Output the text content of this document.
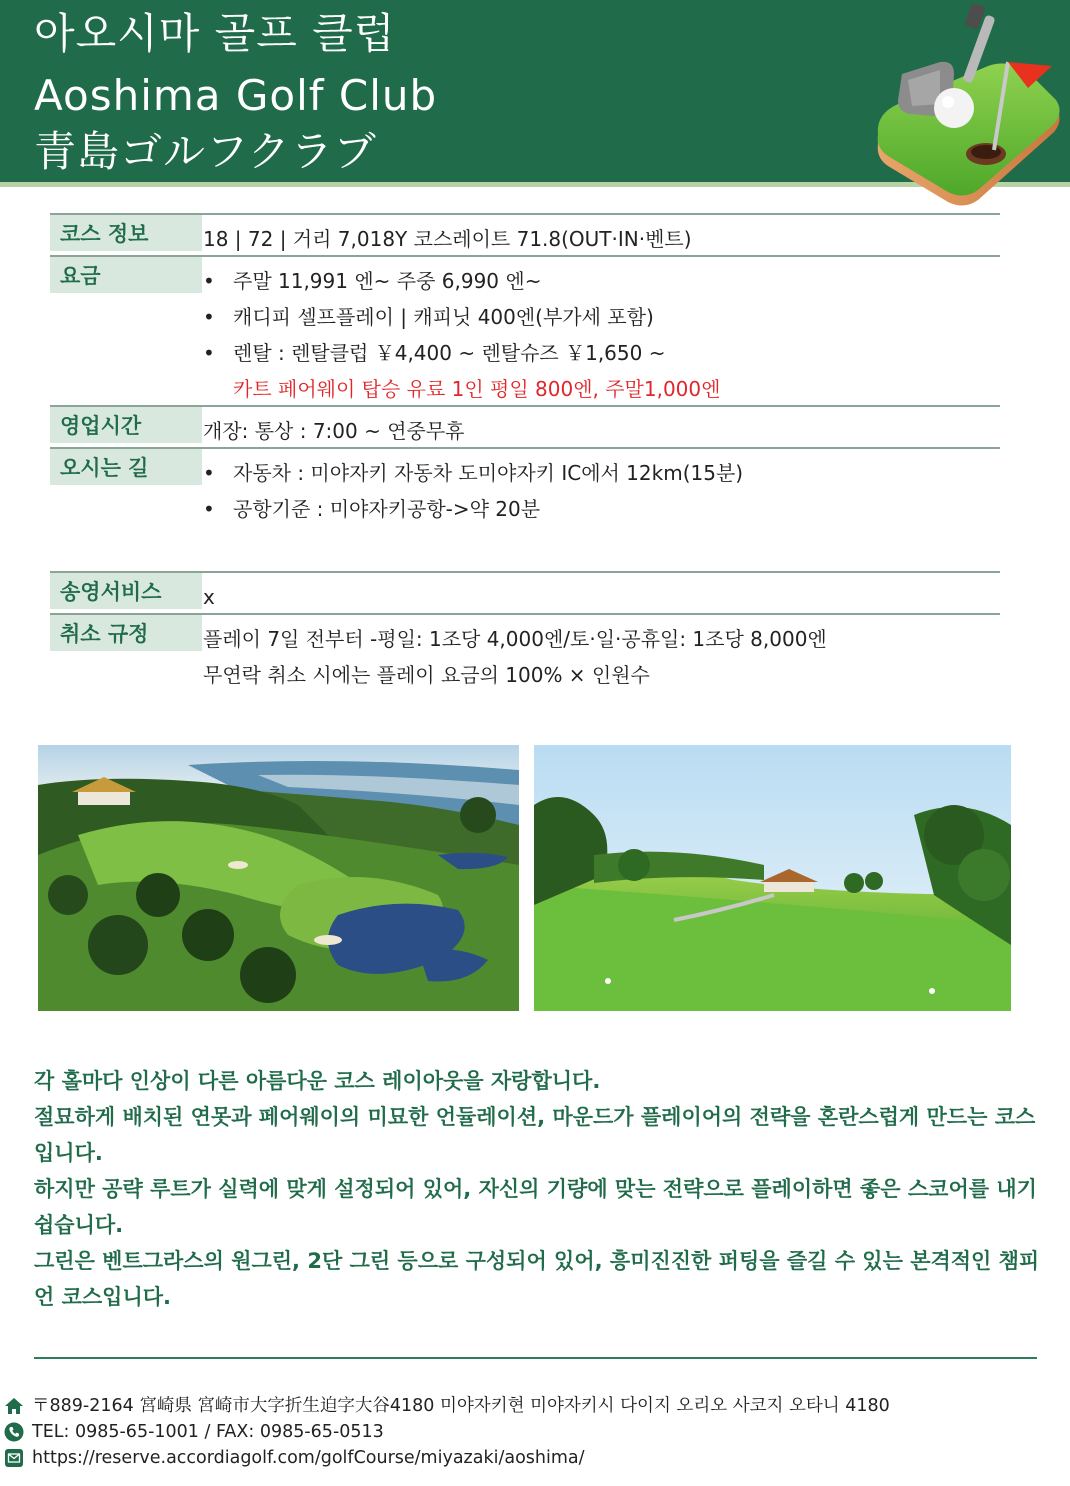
아오시마 골프 클럽
Aoshima Golf Club
青島ゴルフクラブ
코스 정보	18 | 72 | 거리 7,018Y 코스레이트 71.8(OUT·IN·벤트)
요금	• 주말 11,991 엔~ 주중 6,990 엔~
• 캐디피 셀프플레이 | 캐피닛 400엔(부가세 포함)
• 렌탈 : 렌탈클럽 ￥4,400 ~ 렌탈슈즈 ￥1,650 ~
카트 페어웨이 탑승 유료 1인 평일 800엔, 주말1,000엔
영업시간	개장: 통상 : 7:00 ~ 연중무휴
오시는 길	• 자동차 : 미야자키 자동차 도미야자키 IC에서 12km(15분)
• 공항기준 : 미야자키공항->약 20분
송영서비스	x
취소 규정	플레이 7일 전부터 -평일: 1조당 4,000엔/토·일·공휴일: 1조당 8,000엔
무연락 취소 시에는 플레이 요금의 100% × 인원수

각 홀마다 인상이 다른 아름다운 코스 레이아웃을 자랑합니다.

절묘하게 배치된 연못과 페어웨이의 미묘한 언듈레이션, 마운드가 플레이어의 전략을 혼란스럽게 만드는 코스입니다.

하지만 공략 루트가 실력에 맞게 설정되어 있어, 자신의 기량에 맞는 전략으로 플레이하면 좋은 스코어를 내기 쉽습니다.

그린은 벤트그라스의 원그린, 2단 그린 등으로 구성되어 있어, 흥미진진한 퍼팅을 즐길 수 있는 본격적인 챔피언 코스입니다.

〒889-2164 宮崎県 宮崎市大字折生迫字大谷4180 미야자키현 미야자키시 다이지 오리오 사코지 오타니 4180
TEL: 0985-65-1001 / FAX: 0985-65-0513
https://reserve.accordiagolf.com/golfCourse/miyazaki/aoshima/
